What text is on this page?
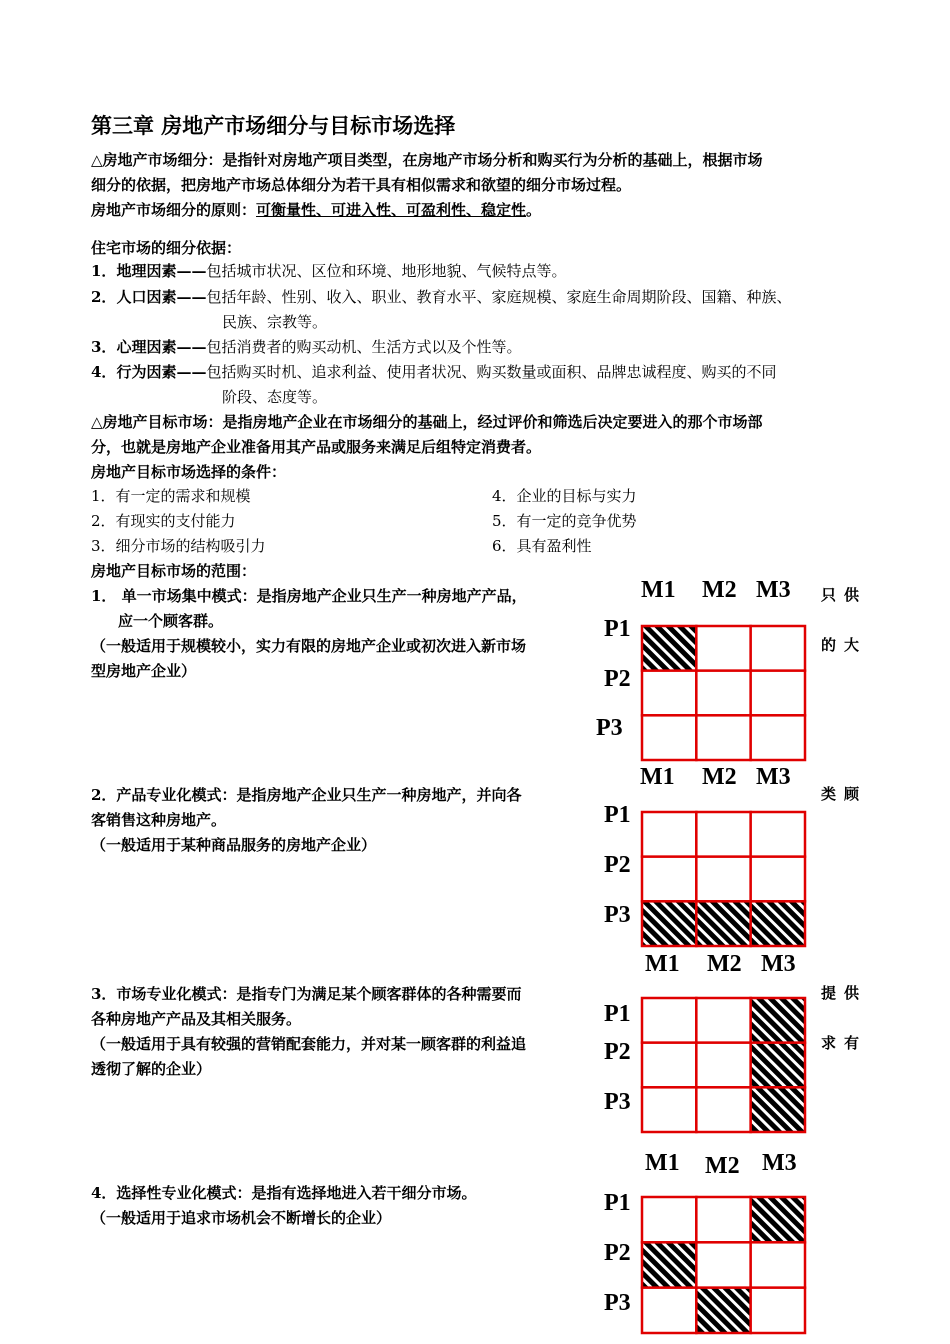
第三章 房地产市场细分与目标市场选择
△房地产市场细分：是指针对房地产项目类型，在房地产市场分析和购买行为分析的基础上，根据市场
细分的依据，把房地产市场总体细分为若干具有相似需求和欲望的细分市场过程。
房地产市场细分的原则：可衡量性、可进入性、可盈利性、稳定性。
住宅市场的细分依据：
1．地理因素——包括城市状况、区位和环境、地形地貌、气候特点等。
2．人口因素——包括年龄、性别、收入、职业、教育水平、家庭规模、家庭生命周期阶段、国籍、种族、
民族、宗教等。
3．心理因素——包括消费者的购买动机、生活方式以及个性等。
4．行为因素——包括购买时机、追求利益、使用者状况、购买数量或面积、品牌忠诚程度、购买的不同
阶段、态度等。
△房地产目标市场：是指房地产企业在市场细分的基础上，经过评价和筛选后决定要进入的那个市场部
分，也就是房地产企业准备用其产品或服务来满足后组特定消费者。
房地产目标市场选择的条件：
1．有一定的需求和规模
2．有现实的支付能力
3．细分市场的结构吸引力
4．企业的目标与实力
5．有一定的竞争优势
6．具有盈利性
房地产目标市场的范围：
1． 单一市场集中模式：是指房地产企业只生产一种房地产产品，
应一个顾客群。
（一般适用于规模较小，实力有限的房地产企业或初次进入新市场
型房地产企业）
2．产品专业化模式：是指房地产企业只生产一种房地产，并向各
客销售这种房地产。
（一般适用于某种商品服务的房地产企业）
3．市场专业化模式：是指专门为满足某个顾客群体的各种需要而
各种房地产产品及其相关服务。
（一般适用于具有较强的营销配套能力，并对某一顾客群的利益追
透彻了解的企业）
4．选择性专业化模式：是指有选择地进入若干细分市场。
（一般适用于追求市场机会不断增长的企业）
只供
的大
类顾
提供
求有
M1 M2 M3
P1
P2
P3
M1 M2 M3
P1
P2
P3
M1 M2 M3
P1
P2
P3
M1 M2 M3
P1
P2
P3
